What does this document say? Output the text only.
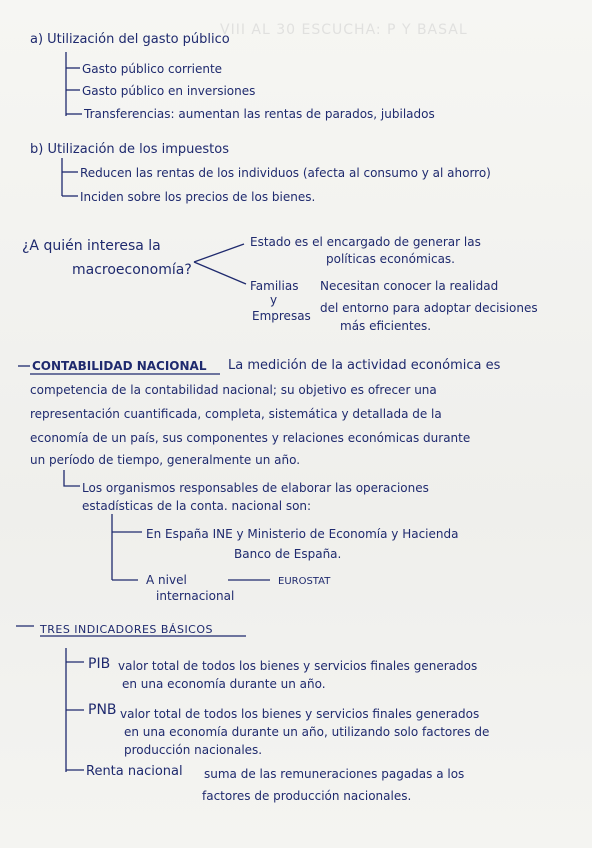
VIII AL 30 ESCUCHA: P Y BASAL
a) Utilización del gasto público
Gasto público corriente
Gasto público en inversiones
Transferencias: aumentan las rentas de parados, jubilados
b) Utilización de los impuestos
Reducen las rentas de los individuos (afecta al consumo y al ahorro)
Inciden sobre los precios de los bienes.
¿A quién interesa la
macroeconomía?
Estado es el encargado de generar las
políticas económicas.
Familias
y
Empresas
Necesitan conocer la realidad
del entorno para adoptar decisiones
más eficientes.
CONTABILIDAD NACIONAL La medición de la actividad económica es
competencia de la contabilidad nacional; su objetivo es ofrecer una
representación cuantificada, completa, sistemática y detallada de la
economía de un país, sus componentes y relaciones económicas durante
un período de tiempo, generalmente un año.
Los organismos responsables de elaborar las operaciones
estadísticas de la conta. nacional son:
En España INE y Ministerio de Economía y Hacienda
Banco de España.
A nivel
internacional
EUROSTAT
TRES INDICADORES BÁSICOS
PIB valor total de todos los bienes y servicios finales generados
en una economía durante un año.
PNB valor total de todos los bienes y servicios finales generados
en una economía durante un año, utilizando solo factores de
producción nacionales.
Renta nacional suma de las remuneraciones pagadas a los
factores de producción nacionales.
